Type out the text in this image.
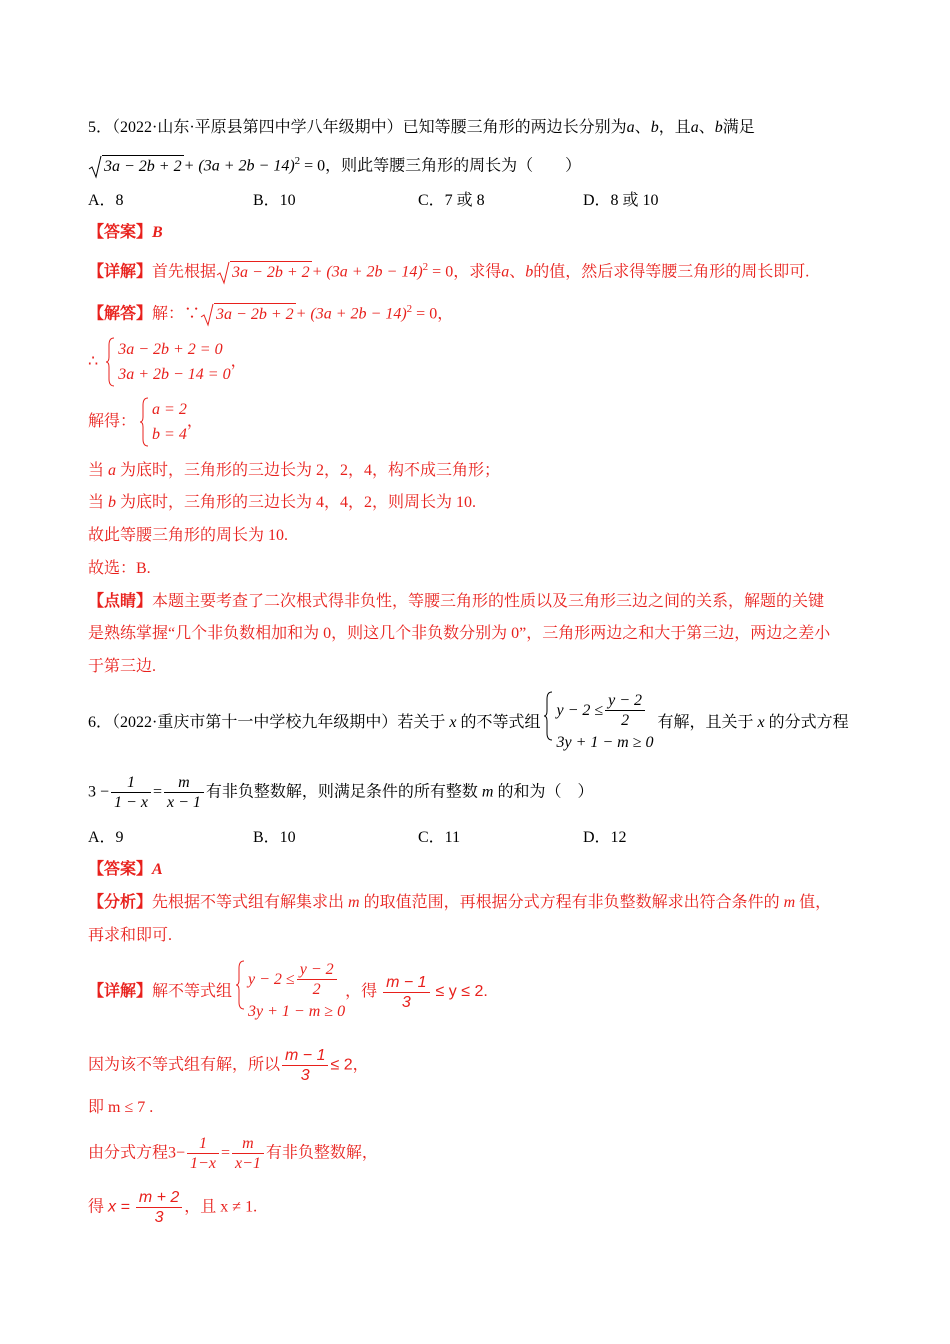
5．（2022·山东·平原县第四中学八年级期中）已知等腰三角形的两边长分别为a、b，且a、b满足
$3a - 2b + 2 + (3a + 2b - 14)^2 = 0$，则此等腰三角形的周长为（　　）
A．8	B．10	C．7 或 8	D．8 或 10
【答案】B
【详解】首先根据 $3a - 2b + 2 + (3a + 2b - 14)^2 = 0$，求得a、b的值，然后求得等腰三角形的周长即可.
【解答】解：∵ $3a - 2b + 2 + (3a + 2b - 14)^2 = 0$，
∴
3a − 2b + 2 = 0
3a + 2b − 14 = 0
，
解得：
a = 2
b = 4
，
当 a 为底时，三角形的三边长为 2，2，4，构不成三角形；
当 b 为底时，三角形的三边长为 4，4，2，则周长为 10.
故此等腰三角形的周长为 10.
故选：B.
【点睛】本题主要考查了二次根式得非负性，等腰三角形的性质以及三角形三边之间的关系，解题的关键
是熟练掌握“几个非负数相加和为 0，则这几个非负数分别为 0”，三角形两边之和大于第三边，两边之差小
于第三边.
6．（2022·重庆市第十一中学校九年级期中）若关于 x 的不等式组
$y - 2 \le \frac{y - 2}{2}$
3y + 1 − m ≥ 0
有解，且关于 x 的分式方程
$3 - \frac{1}{1 - x} = \frac{m}{x - 1}$ 有非负整数解，则满足条件的所有整数 m 的和为（　）
A．9	B．10	C．11	D．12
【答案】A
【分析】先根据不等式组有解集求出 m 的取值范围，再根据分式方程有非负整数解求出符合条件的 m 值，
再求和即可.
【详解】解不等式组
$y - 2 \le \frac{y - 2}{2}$
3y + 1 − m ≥ 0
，得 $\frac{m - 1}{3} \le y \le 2$.
因为该不等式组有解，所以 $\frac{m - 1}{3} \le 2$，
即 m ≤ 7 .
由分式方程$3- \frac{1}{1-x} = \frac{m}{x-1}$ 有非负整数解，
得 $x = \frac{m + 2}{3}$ ，且 x ≠ 1.
